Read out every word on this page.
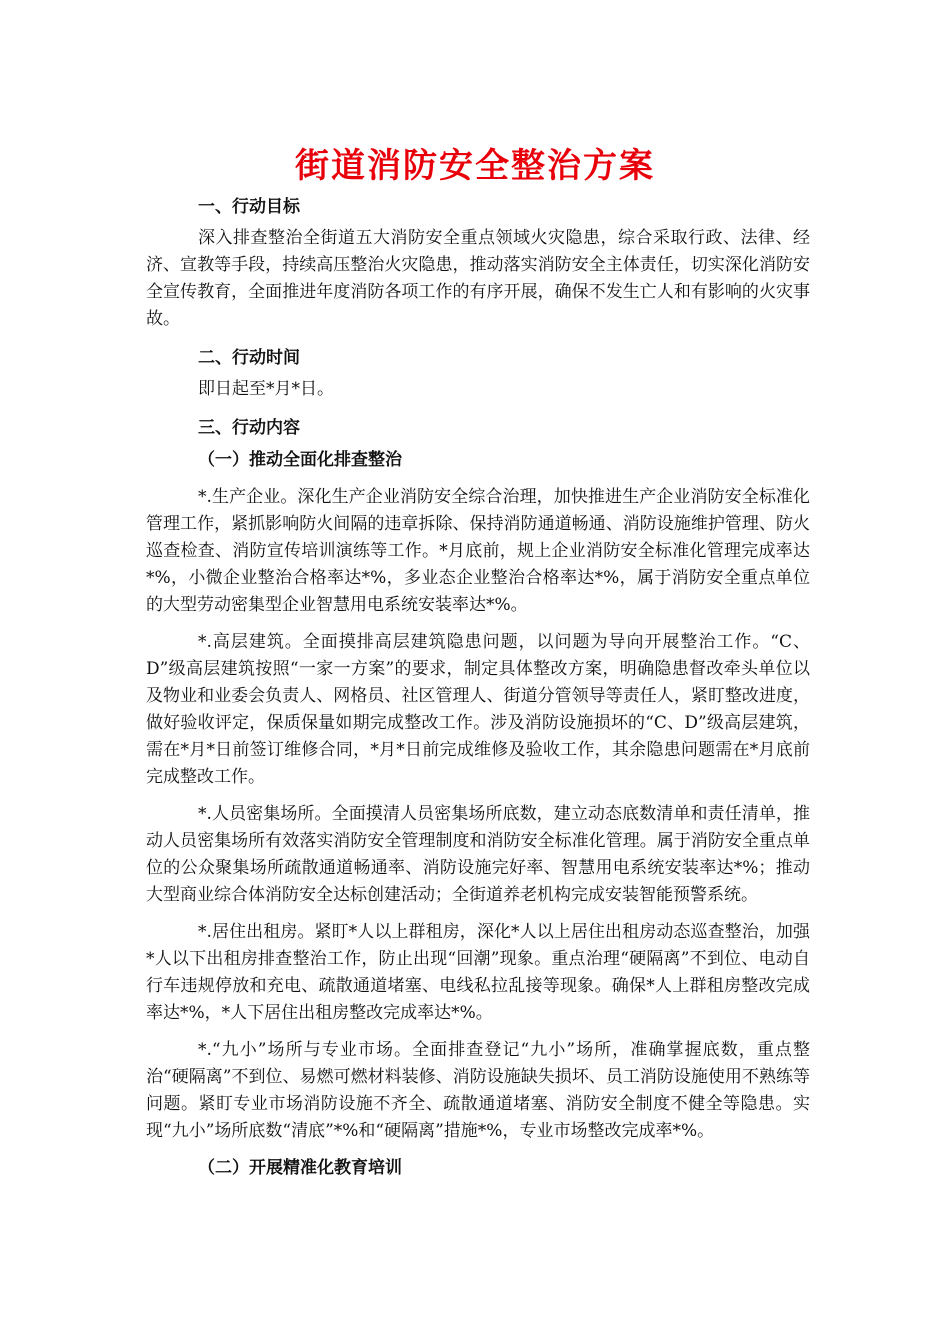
街道消防安全整治方案
一、行动目标

深入排查整治全街道五大消防安全重点领域火灾隐患，综合采取行政、法律、经济、宣教等手段，持续高压整治火灾隐患，推动落实消防安全主体责任，切实深化消防安全宣传教育，全面推进年度消防各项工作的有序开展，确保不发生亡人和有影响的火灾事故。

二、行动时间

即日起至*月*日。

三、行动内容
（一）推动全面化排查整治

*.生产企业。深化生产企业消防安全综合治理，加快推进生产企业消防安全标准化管理工作，紧抓影响防火间隔的违章拆除、保持消防通道畅通、消防设施维护管理、防火巡查检查、消防宣传培训演练等工作。*月底前，规上企业消防安全标准化管理完成率达*%，小微企业整治合格率达*%，多业态企业整治合格率达*%，属于消防安全重点单位的大型劳动密集型企业智慧用电系统安装率达*%。

*.高层建筑。全面摸排高层建筑隐患问题，以问题为导向开展整治工作。“C、D”级高层建筑按照“一家一方案”的要求，制定具体整改方案，明确隐患督改牵头单位以及物业和业委会负责人、网格员、社区管理人、街道分管领导等责任人，紧盯整改进度，做好验收评定，保质保量如期完成整改工作。涉及消防设施损坏的“C、D”级高层建筑，需在*月*日前签订维修合同，*月*日前完成维修及验收工作，其余隐患问题需在*月底前完成整改工作。

*.人员密集场所。全面摸清人员密集场所底数，建立动态底数清单和责任清单，推动人员密集场所有效落实消防安全管理制度和消防安全标准化管理。属于消防安全重点单位的公众聚集场所疏散通道畅通率、消防设施完好率、智慧用电系统安装率达*%；推动大型商业综合体消防安全达标创建活动；全街道养老机构完成安装智能预警系统。

*.居住出租房。紧盯*人以上群租房，深化*人以上居住出租房动态巡查整治，加强*人以下出租房排查整治工作，防止出现“回潮”现象。重点治理“硬隔离”不到位、电动自行车违规停放和充电、疏散通道堵塞、电线私拉乱接等现象。确保*人上群租房整改完成率达*%，*人下居住出租房整改完成率达*%。

*.“九小”场所与专业市场。全面排查登记“九小”场所，准确掌握底数，重点整治“硬隔离”不到位、易燃可燃材料装修、消防设施缺失损坏、员工消防设施使用不熟练等问题。紧盯专业市场消防设施不齐全、疏散通道堵塞、消防安全制度不健全等隐患。实现“九小”场所底数“清底”*%和“硬隔离”措施*%，专业市场整改完成率*%。

（二）开展精准化教育培训
